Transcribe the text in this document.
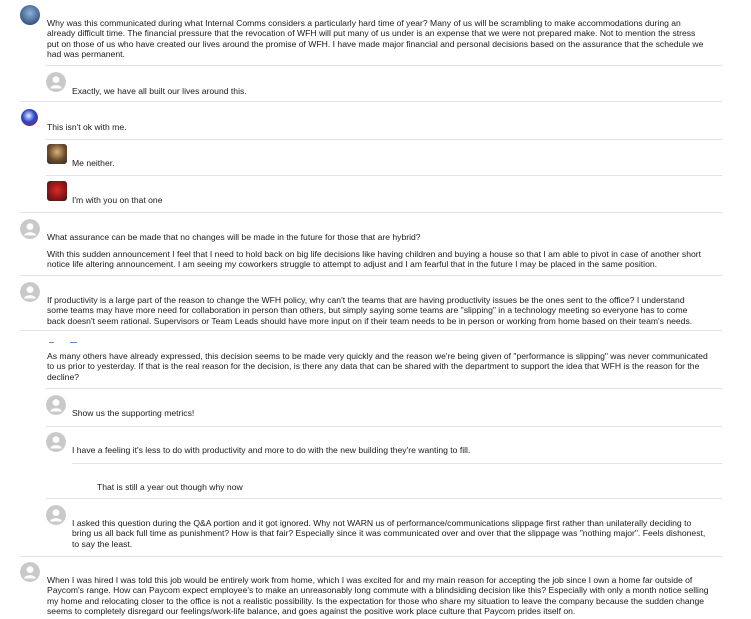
Why was this communicated during what Internal Comms considers a particularly hard time of year? Many of us will be scrambling to make accommodations during an already difficult time. The financial pressure that the revocation of WFH will put many of us under is an expense that we were not prepared make. Not to mention the stress put on those of us who have created our lives around the promise of WFH. I have made major financial and personal decisions based on the assurance that the schedule we had was permanent.
Exactly, we have all built our lives around this.
This isn't ok with me.
Me neither.
I'm with you on that one
What assurance can be made that no changes will be made in the future for those that are hybrid?
With this sudden announcement I feel that I need to hold back on big life decisions like having children and buying a house so that I am able to pivot in case of another short notice life altering announcement. I am seeing my coworkers struggle to attempt to adjust and I am fearful that in the future I may be placed in the same position.
If productivity is a large part of the reason to change the WFH policy, why can't the teams that are having productivity issues be the ones sent to the office? I understand some teams may have more need for collaboration in person than others, but simply saying some teams are "slipping" in a technology meeting so everyone has to come back doesn't seem rational. Supervisors or Team Leads should have more input on if their team needs to be in person or working from home based on their team's needs.
As many others have already expressed, this decision seems to be made very quickly and the reason we're being given of "performance is slipping" was never communicated to us prior to yesterday. If that is the real reason for the decision, is there any data that can be shared with the department to support the idea that WFH is the reason for the decline?
Show us the supporting metrics!
I have a feeling it's less to do with productivity and more to do with the new building they're wanting to fill.
That is still a year out though why now
I asked this question during the Q&A portion and it got ignored. Why not WARN us of performance/communications slippage first rather than unilaterally deciding to bring us all back full time as punishment? How is that fair? Especially since it was communicated over and over that the slippage was "nothing major". Feels dishonest, to say the least.
When I was hired I was told this job would be entirely work from home, which I was excited for and my main reason for accepting the job since I own a home far outside of Paycom's range. How can Paycom expect employee's to make an unreasonably long commute with a blindsiding decision like this? Especially with only a month notice selling my home and relocating closer to the office is not a realistic possibility. Is the expectation for those who share my situation to leave the company because the sudden change seems to completely disregard our feelings/work-life balance, and goes against the positive work place culture that Paycom prides itself on.
